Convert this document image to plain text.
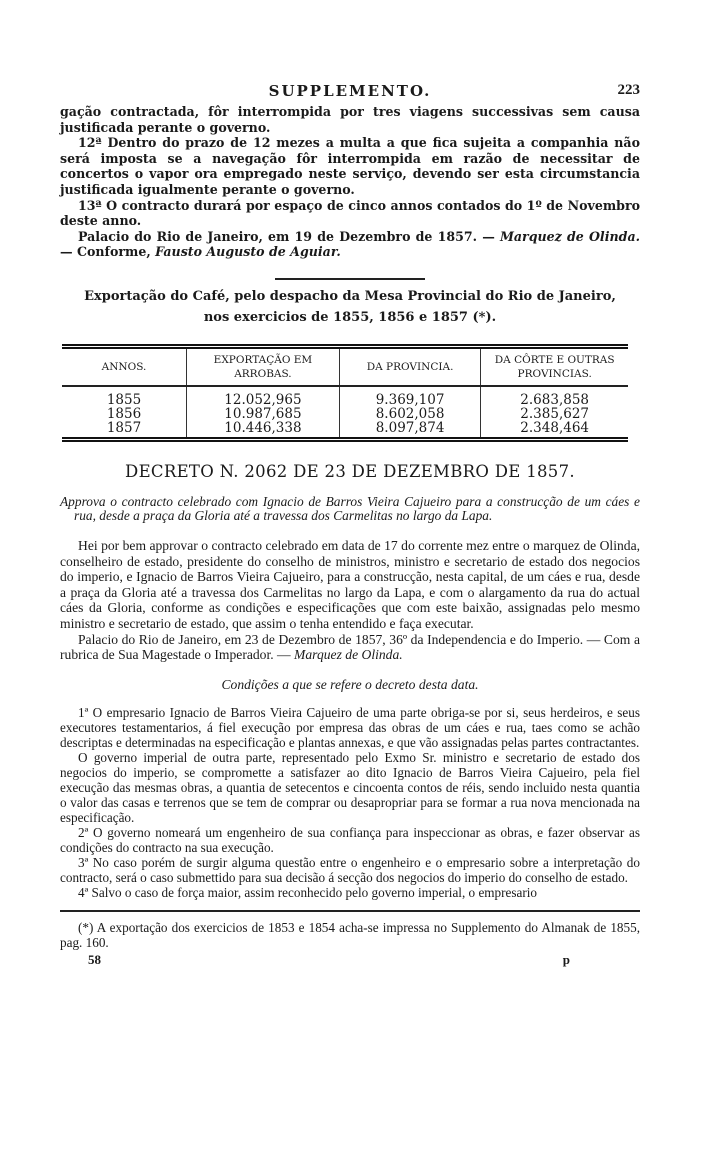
SUPPLEMENTO.	223

gação contractada, fôr interrompida por tres viagens successivas sem causa justificada perante o governo.

12ª Dentro do prazo de 12 mezes a multa a que fica sujeita a companhia não será imposta se a navegação fôr interrompida em razão de necessitar de concertos o vapor ora empregado neste serviço, devendo ser esta circumstancia justificada igualmente perante o governo.

13ª O contracto durará por espaço de cinco annos contados do 1º de Novembro deste anno.

Palacio do Rio de Janeiro, em 19 de Dezembro de 1857. — Marquez de Olinda. — Conforme, Fausto Augusto de Aguiar.

Exportação do Café, pelo despacho da Mesa Provincial do Rio de Janeiro,
nos exercicios de 1855, 1856 e 1857 (*).
ANNOS.	EXPORTAÇÃO EM ARROBAS.	DA PROVINCIA.	DA CÔRTE E OUTRAS PROVINCIAS.
1855	12.052,965	9.369,107	2.683,858
1856	10.987,685	8.602,058	2.385,627
1857	10.446,338	8.097,874	2.348,464
DECRETO N. 2062 DE 23 DE DEZEMBRO DE 1857.

Approva o contracto celebrado com Ignacio de Barros Vieira Cajueiro para a construcção de um cáes e rua, desde a praça da Gloria até a travessa dos Carmelitas no largo da Lapa.

Hei por bem approvar o contracto celebrado em data de 17 do corrente mez entre o marquez de Olinda, conselheiro de estado, presidente do conselho de ministros, ministro e secretario de estado dos negocios do imperio, e Ignacio de Barros Vieira Cajueiro, para a construcção, nesta capital, de um cáes e rua, desde a praça da Gloria até a travessa dos Carmelitas no largo da Lapa, e com o alargamento da rua do actual cáes da Gloria, conforme as condições e especificações que com este baixão, assignadas pelo mesmo ministro e secretario de estado, que assim o tenha entendido e faça executar.

Palacio do Rio de Janeiro, em 23 de Dezembro de 1857, 36º da Independencia e do Imperio. — Com a rubrica de Sua Magestade o Imperador. — Marquez de Olinda.

Condições a que se refere o decreto desta data.

1ª O empresario Ignacio de Barros Vieira Cajueiro de uma parte obriga-se por si, seus herdeiros, e seus executores testamentarios, á fiel execução por empresa das obras de um cáes e rua, taes como se achão descriptas e determinadas na especificação e plantas annexas, e que vão assignadas pelas partes contractantes.

O governo imperial de outra parte, representado pelo Exmo Sr. ministro e secretario de estado dos negocios do imperio, se compromette a satisfazer ao dito Ignacio de Barros Vieira Cajueiro, pela fiel execução das mesmas obras, a quantia de setecentos e cincoenta contos de réis, sendo incluido nesta quantia o valor das casas e terrenos que se tem de comprar ou desapropriar para se formar a rua nova mencionada na especificação.

2ª O governo nomeará um engenheiro de sua confiança para inspeccionar as obras, e fazer observar as condições do contracto na sua execução.

3ª No caso porém de surgir alguma questão entre o engenheiro e o empresario sobre a interpretação do contracto, será o caso submettido para sua decisão á secção dos negocios do imperio do conselho de estado.

4ª Salvo o caso de força maior, assim reconhecido pelo governo imperial, o empresario

(*) A exportação dos exercicios de 1853 e 1854 acha-se impressa no Supplemento do Almanak de 1855, pag. 160.

58	p
